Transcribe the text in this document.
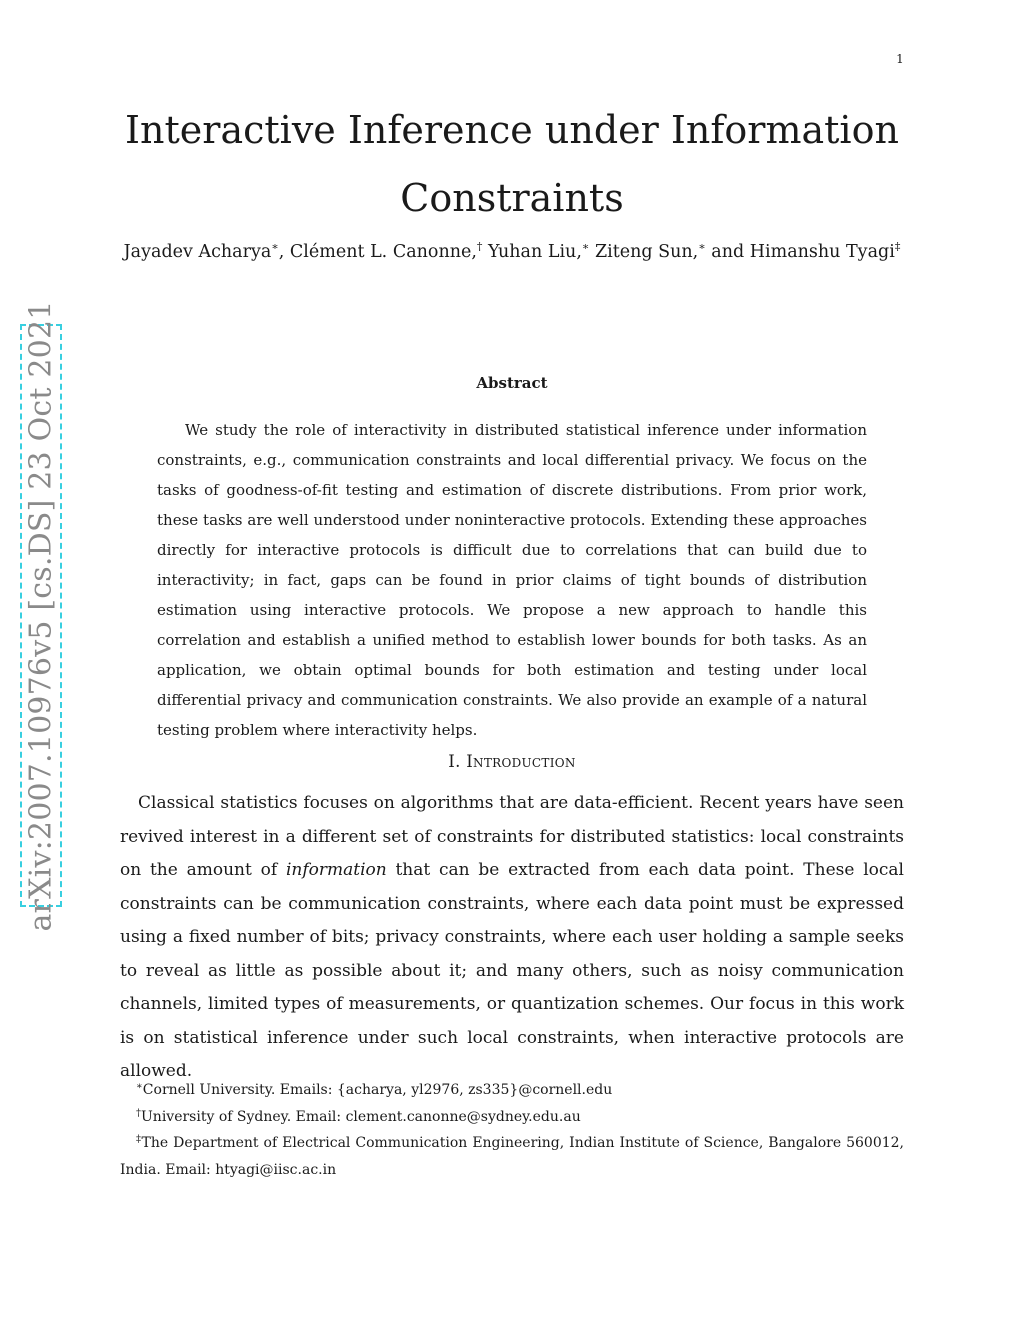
1
Interactive Inference under Information Constraints
Jayadev Acharya∗, Clément L. Canonne,† Yuhan Liu,∗ Ziteng Sun,∗ and Himanshu Tyagi‡
arXiv:2007.10976v5 [cs.DS] 23 Oct 2021	Abstract

We study the role of interactivity in distributed statistical inference under information constraints, e.g., communication constraints and local differential privacy. We focus on the tasks of goodness-of-fit testing and estimation of discrete distributions. From prior work, these tasks are well understood under noninteractive protocols. Extending these approaches directly for interactive protocols is difficult due to correlations that can build due to interactivity; in fact, gaps can be found in prior claims of tight bounds of distribution estimation using interactive protocols. We propose a new approach to handle this correlation and establish a unified method to establish lower bounds for both tasks. As an application, we obtain optimal bounds for both estimation and testing under local differential privacy and communication constraints. We also provide an example of a natural testing problem where interactivity helps.

I. Introduction

Classical statistics focuses on algorithms that are data-efficient. Recent years have seen revived interest in a different set of constraints for distributed statistics: local constraints on the amount of information that can be extracted from each data point. These local constraints can be communication constraints, where each data point must be expressed using a fixed number of bits; privacy constraints, where each user holding a sample seeks to reveal as little as possible about it; and many others, such as noisy communication channels, limited types of measurements, or quantization schemes. Our focus in this work is on statistical inference under such local constraints, when interactive protocols are allowed.

∗Cornell University. Emails: {acharya, yl2976, zs335}@cornell.edu

†University of Sydney. Email: clement.canonne@sydney.edu.au

‡The Department of Electrical Communication Engineering, Indian Institute of Science, Bangalore 560012, India. Email: htyagi@iisc.ac.in
